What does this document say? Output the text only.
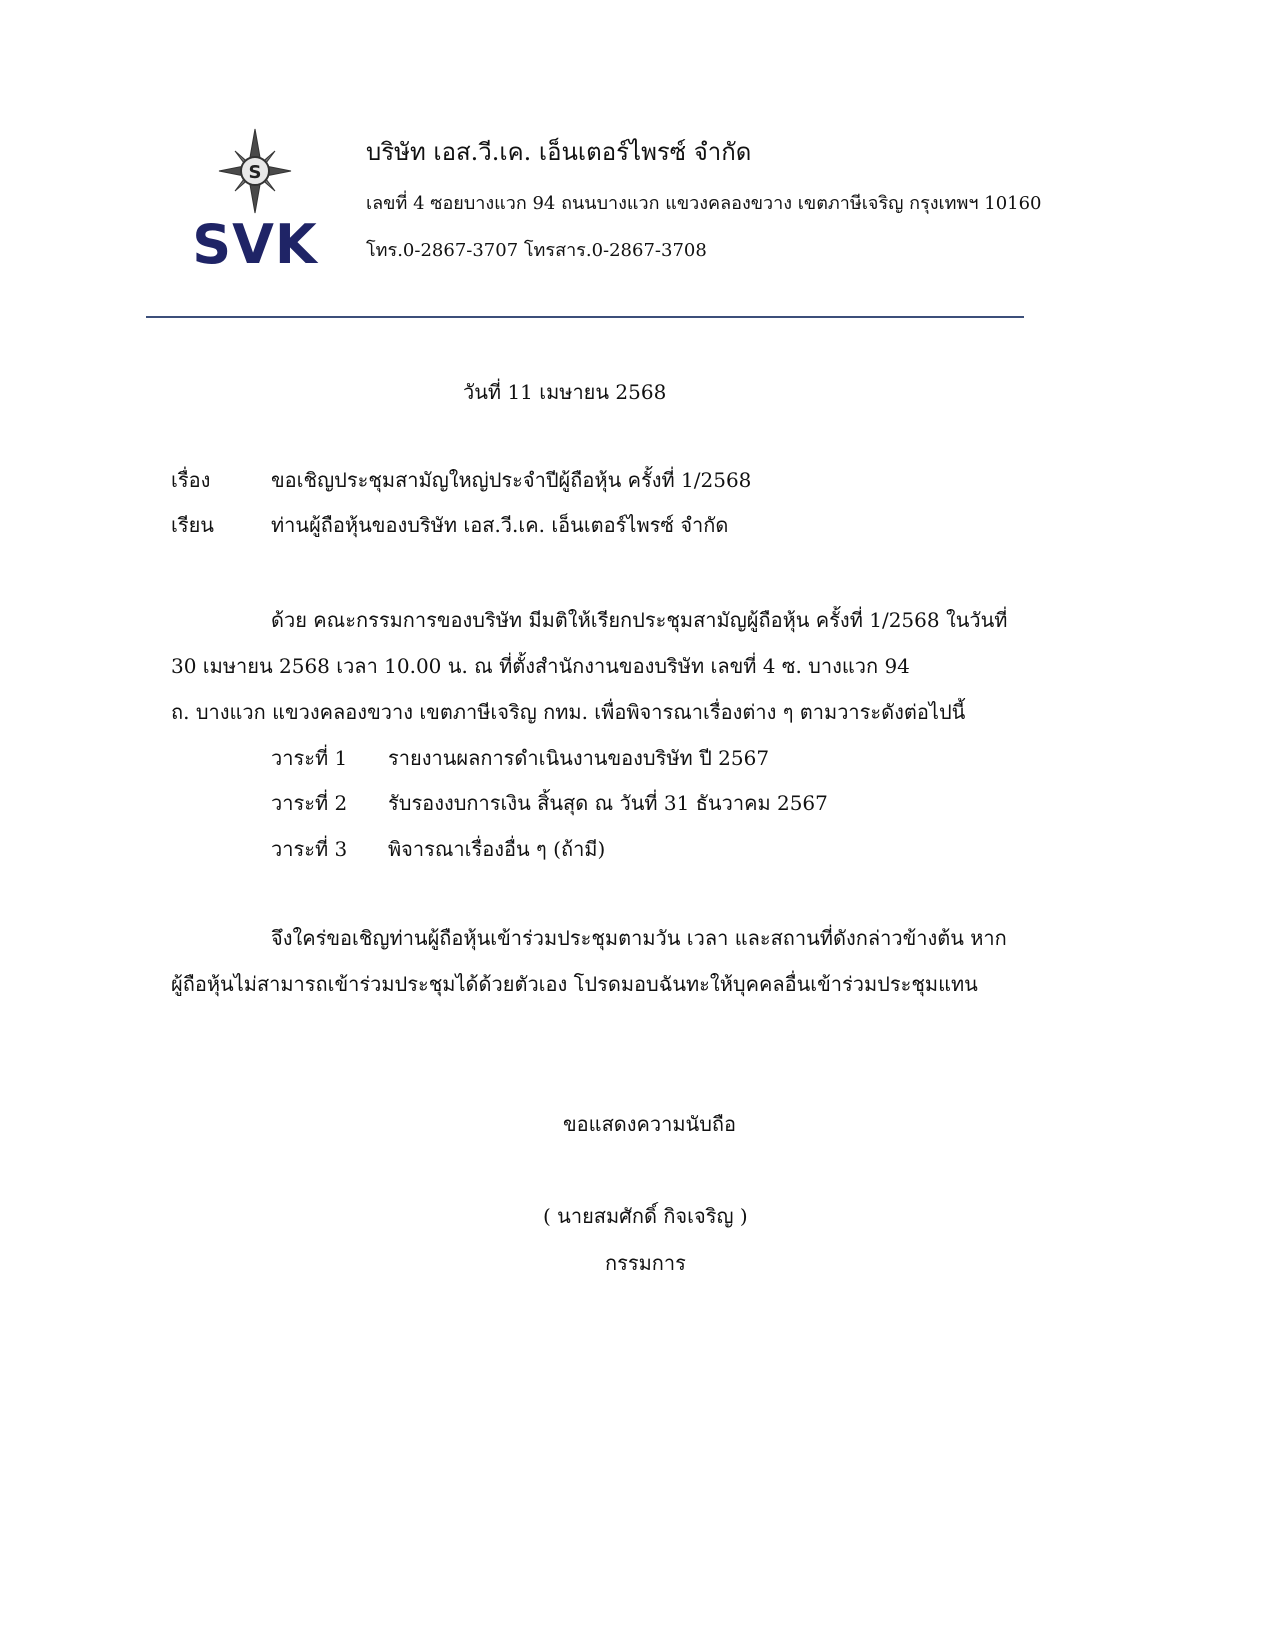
S
SVK
บริษัท เอส.วี.เค. เอ็นเตอร์ไพรซ์ จำกัด
เลขที่ 4 ซอยบางแวก 94 ถนนบางแวก แขวงคลองขวาง เขตภาษีเจริญ กรุงเทพฯ 10160
โทร.0-2867-3707 โทรสาร.0-2867-3708
วันที่ 11 เมษายน 2568
เรื่อง	ขอเชิญประชุมสามัญใหญ่ประจำปีผู้ถือหุ้น ครั้งที่ 1/2568
เรียน	ท่านผู้ถือหุ้นของบริษัท เอส.วี.เค. เอ็นเตอร์ไพรซ์ จำกัด
ด้วย คณะกรรมการของบริษัท มีมติให้เรียกประชุมสามัญผู้ถือหุ้น ครั้งที่ 1/2568 ในวันที่
30 เมษายน 2568 เวลา 10.00 น. ณ ที่ตั้งสำนักงานของบริษัท เลขที่ 4 ซ. บางแวก 94
ถ. บางแวก แขวงคลองขวาง เขตภาษีเจริญ กทม. เพื่อพิจารณาเรื่องต่าง ๆ ตามวาระดังต่อไปนี้
วาระที่ 1 รายงานผลการดำเนินงานของบริษัท ปี 2567
วาระที่ 2 รับรองงบการเงิน สิ้นสุด ณ วันที่ 31 ธันวาคม 2567
วาระที่ 3 พิจารณาเรื่องอื่น ๆ (ถ้ามี)
จึงใคร่ขอเชิญท่านผู้ถือหุ้นเข้าร่วมประชุมตามวัน เวลา และสถานที่ดังกล่าวข้างต้น หาก
ผู้ถือหุ้นไม่สามารถเข้าร่วมประชุมได้ด้วยตัวเอง โปรดมอบฉันทะให้บุคคลอื่นเข้าร่วมประชุมแทน
ขอแสดงความนับถือ
( นายสมศักดิ์ กิจเจริญ )
กรรมการ
